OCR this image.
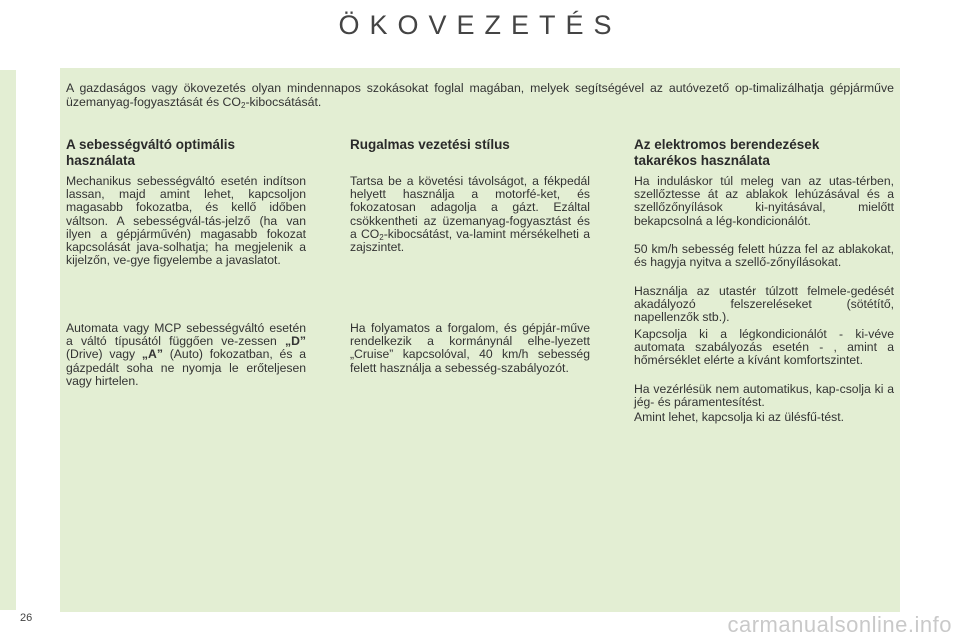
ÖKOVEZETÉS
A gazdaságos vagy ökovezetés olyan mindennapos szokásokat foglal magában, melyek segítségével az autóvezető op-timalizálhatja gépjárműve üzemanyag-fogyasztását és $CO_2$-kibocsátását.
A sebességváltó optimális használata
Mechanikus sebességváltó esetén indítson lassan, majd amint lehet, kapcsoljon magasabb fokozatba, és kellő időben váltson. A sebességvál-tás-jelző (ha van ilyen a gépjárművén) magasabb fokozat kapcsolását java-solhatja; ha megjelenik a kijelzőn, ve-gye figyelembe a javaslatot.
Automata vagy MCP sebességváltó esetén a váltó típusától függően ve-zessen „D” (Drive) vagy „A” (Auto) fokozatban, és a gázpedált soha ne nyomja le erőteljesen vagy hirtelen.
Rugalmas vezetési stílus
Tartsa be a követési távolságot, a fékpedál helyett használja a motorfé-ket, és fokozatosan adagolja a gázt. Ezáltal csökkentheti az üzemanyag-fogyasztást és a $CO_2$-kibocsátást, va-lamint mérsékelheti a zajszintet.
Ha folyamatos a forgalom, és gépjár-műve rendelkezik a kormánynál elhe-lyezett „Cruise” kapcsolóval, 40 km/h sebesség felett használja a sebesség-szabályozót.
Az elektromos berendezések takarékos használata
Ha induláskor túl meleg van az utas-térben, szellőztesse át az ablakok lehúzásával és a szellőzőnyílások ki-nyitásával, mielőtt bekapcsolná a lég-kondicionálót.
50 km/h sebesség felett húzza fel az ablakokat, és hagyja nyitva a szellő-zőnyílásokat.
Használja az utastér túlzott felmele-gedését akadályozó felszereléseket (sötétítő, napellenzők stb.).
Kapcsolja ki a légkondicionálót - ki-véve automata szabályozás esetén - , amint a hőmérséklet elérte a kívánt komfortszintet.
Ha vezérlésük nem automatikus, kap-csolja ki a jég- és páramentesítést.
Amint lehet, kapcsolja ki az ülésfű-tést.
26	carmanualsonline.info
